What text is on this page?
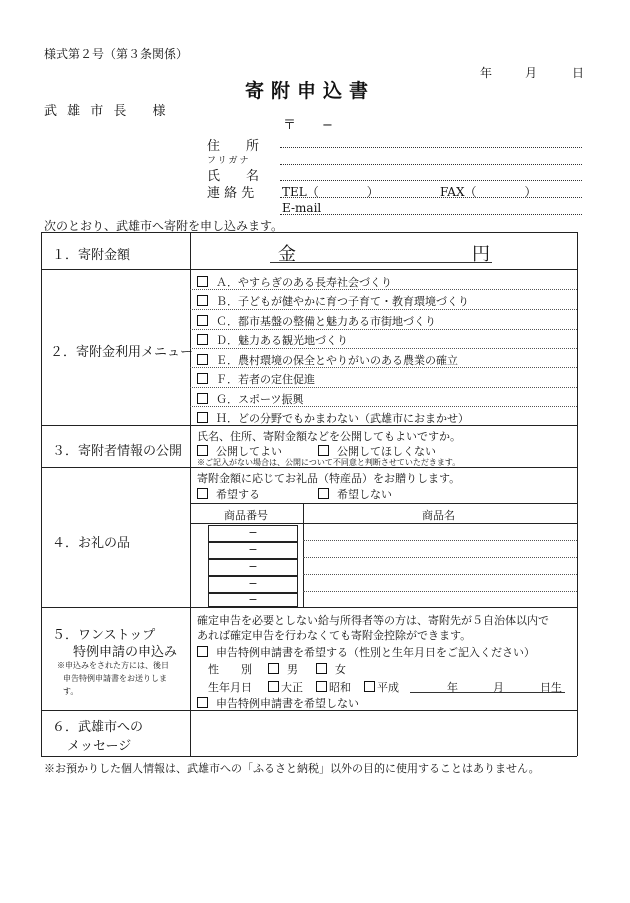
様式第２号（第３条関係）
年	月	日
寄附申込書
武 雄 市 長　 様
〒　　−
住　　所
フリガナ
氏　　名
連 絡 先 TEL（　　　　）	FAX（　　　　）
E-mail
次のとおり、武雄市へ寄附を申し込みます。
１．寄附金額	金	円
２．寄附金利用メニュー
Ａ．やすらぎのある長寿社会づくり
Ｂ．子どもが健やかに育つ子育て・教育環境づくり
Ｃ．都市基盤の整備と魅力ある市街地づくり
Ｄ．魅力ある観光地づくり
Ｅ．農村環境の保全とやりがいのある農業の確立
Ｆ．若者の定住促進
Ｇ．スポーツ振興
Ｈ．どの分野でもかまわない（武雄市におまかせ）
３．寄附者情報の公開
氏名、住所、寄附金額などを公開してもよいですか。
公開してよい	公開してほしくない
※ご記入がない場合は、公開について不同意と判断させていただきます。
４．お礼の品
寄附金額に応じてお礼品（特産品）をお贈りします。
希望する	希望しない
商品番号	商品名
−
−
−
−
−
５．ワンストップ
特例申請の申込み
※申込みをされた方には、後日
申告特例申請書をお送りしま
す。
確定申告を必要としない給与所得者等の方は、寄附先が５自治体以内で
あれば確定申告を行わなくても寄附金控除ができます。
申告特例申請書を希望する（性別と生年月日をご記入ください）
性　　別	男	女
生年月日	大正	昭和	平成	年	月	日生
申告特例申請書を希望しない
６．武雄市への
メッセージ
※お預かりした個人情報は、武雄市への「ふるさと納税」以外の目的に使用することはありません。
